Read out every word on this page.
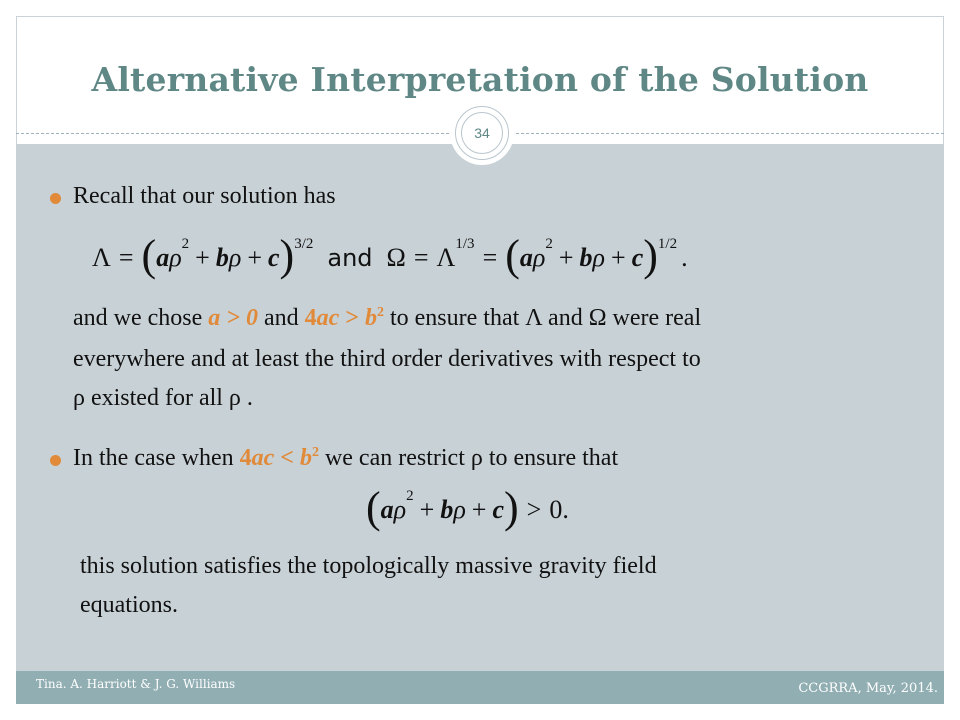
Alternative Interpretation of the Solution
34
Recall that our solution has
Λ = ( a ρ 2 + b ρ + c ) 3/2
and Ω = Λ 1/3 = ( a ρ 2 + b ρ + c ) 1/2 .
and we chose a > 0 and $4ac > b^2$ to ensure that Λ and Ω were real
everywhere and at least the third order derivatives with respect to
ρ existed for all ρ .
In the case when $4ac < b^2$ we can restrict ρ to ensure that
( a ρ 2 + b ρ + c ) > 0.
this solution satisfies the topologically massive gravity field
equations.
Tina. A. Harriott & J. G. Williams	CCGRRA, May, 2014.
